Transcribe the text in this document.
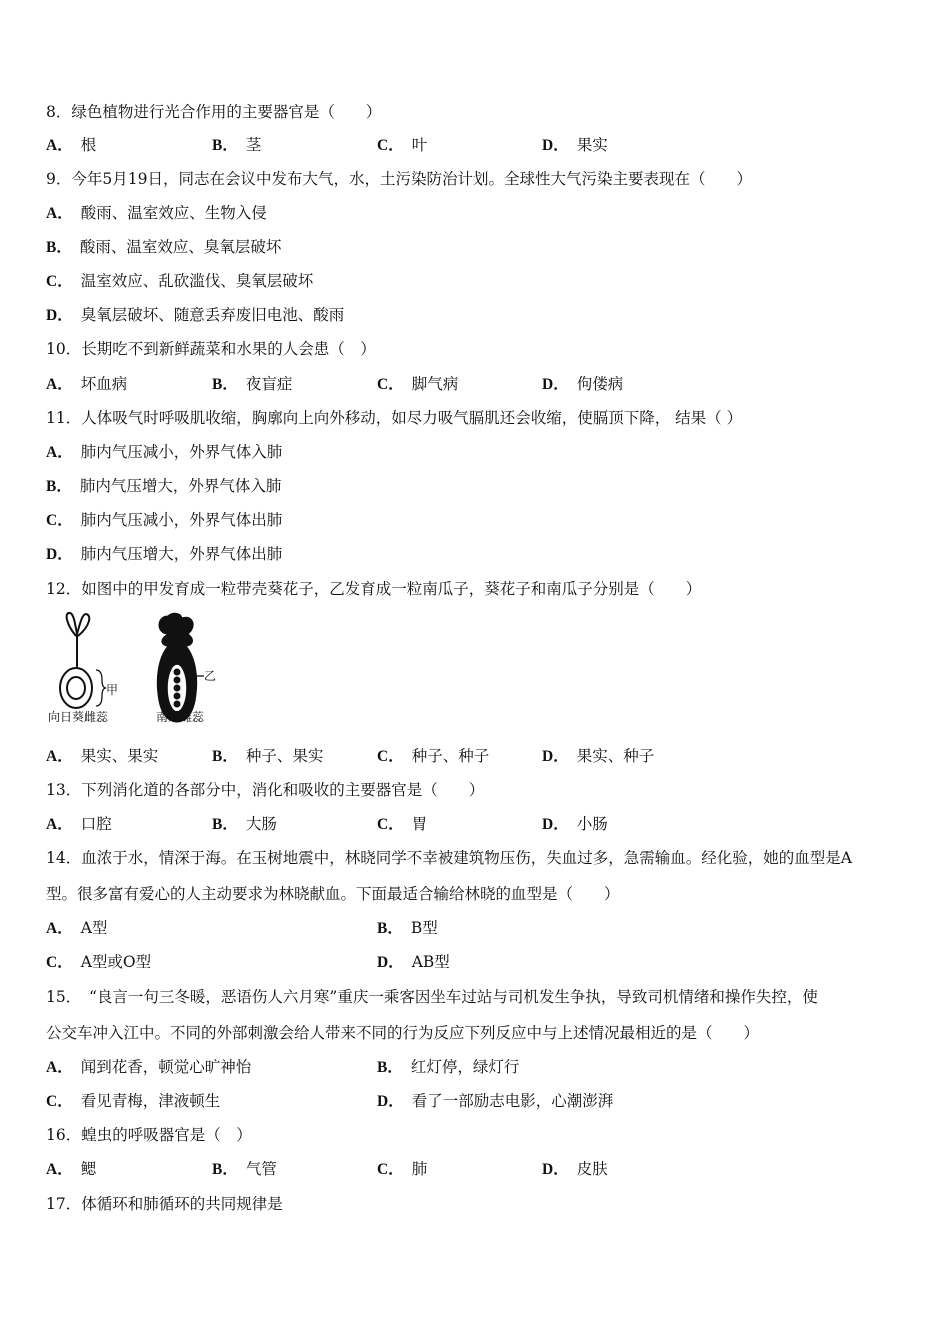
8．绿色植物进行光合作用的主要器官是（　　）
A． 根	B． 茎	C． 叶	D． 果实
9．今年5月19日，同志在会议中发布大气，水，土污染防治计划。全球性大气污染主要表现在（　　）
A． 酸雨、温室效应、生物入侵
B． 酸雨、温室效应、臭氧层破坏
C． 温室效应、乱砍滥伐、臭氧层破坏
D． 臭氧层破坏、随意丢弃废旧电池、酸雨
10．长期吃不到新鲜蔬菜和水果的人会患（　）
A． 坏血病	B． 夜盲症	C． 脚气病	D． 佝偻病
11．人体吸气时呼吸肌收缩，胸廓向上向外移动，如尽力吸气膈肌还会收缩，使膈顶下降， 结果（ ）
A． 肺内气压减小，外界气体入肺
B． 肺内气压增大，外界气体入肺
C． 肺内气压减小，外界气体出肺
D． 肺内气压增大，外界气体出肺
12．如图中的甲发育成一粒带壳葵花子，乙发育成一粒南瓜子，葵花子和南瓜子分别是（　　）
甲
乙
向日葵雌蕊	南瓜雌蕊
A． 果实、果实	B． 种子、果实	C． 种子、种子	D． 果实、种子
13．下列消化道的各部分中，消化和吸收的主要器官是（　　）
A． 口腔	B． 大肠	C． 胃	D． 小肠
14．血浓于水，情深于海。在玉树地震中，林晓同学不幸被建筑物压伤，失血过多，急需输血。经化验，她的血型是A
型。很多富有爱心的人主动要求为林晓献血。下面最适合输给林晓的血型是（　　）
A． A型	B． B型
C． A型或O型	D． AB型
15．　“良言一句三冬暖，恶语伤人六月寒”重庆一乘客因坐车过站与司机发生争执，导致司机情绪和操作失控，使
公交车冲入江中。不同的外部刺激会给人带来不同的行为反应下列反应中与上述情况最相近的是（　　）
A． 闻到花香，顿觉心旷神怡	B． 红灯停，绿灯行
C． 看见青梅，津液顿生	D． 看了一部励志电影，心潮澎湃
16．蝗虫的呼吸器官是（　）
A． 鳃	B． 气管	C． 肺	D． 皮肤
17．体循环和肺循环的共同规律是
